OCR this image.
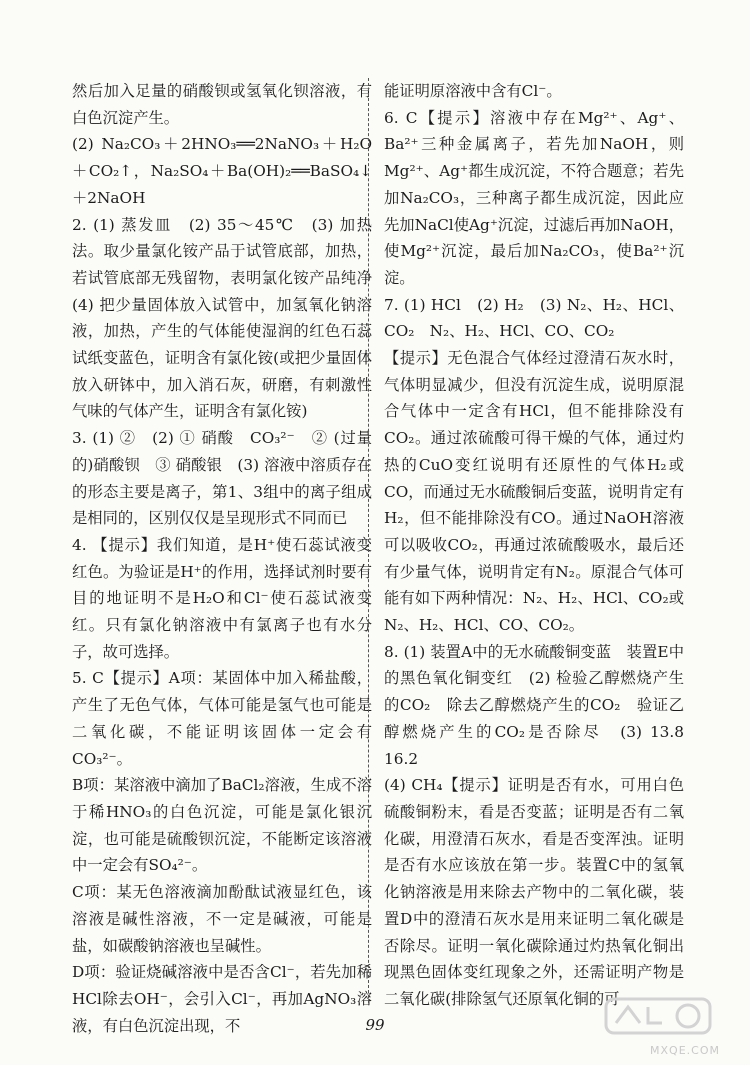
然后加入足量的硝酸钡或氢氧化钡溶液，有白色沉淀产生。

(2) Na₂CO₃＋2HNO₃══2NaNO₃＋H₂O＋CO₂↑，Na₂SO₄＋Ba(OH)₂══BaSO₄↓＋2NaOH

2. (1) 蒸发皿　(2) 35～45℃　(3) 加热法。取少量氯化铵产品于试管底部，加热，若试管底部无残留物，表明氯化铵产品纯净　(4) 把少量固体放入试管中，加氢氧化钠溶液，加热，产生的气体能使湿润的红色石蕊试纸变蓝色，证明含有氯化铵(或把少量固体放入研钵中，加入消石灰，研磨，有刺激性气味的气体产生，证明含有氯化铵)

3. (1) ②　(2) ① 硝酸　CO₃²⁻　② (过量的)硝酸钡　③ 硝酸银　(3) 溶液中溶质存在的形态主要是离子，第1、3组中的离子组成是相同的，区别仅仅是呈现形式不同而已

4. 【提示】我们知道，是H⁺使石蕊试液变红色。为验证是H⁺的作用，选择试剂时要有目的地证明不是H₂O和Cl⁻使石蕊试液变红。只有氯化钠溶液中有氯离子也有水分子，故可选择。

5. C【提示】A项：某固体中加入稀盐酸，产生了无色气体，气体可能是氢气也可能是二氧化碳，不能证明该固体一定会有CO₃²⁻。

B项：某溶液中滴加了BaCl₂溶液，生成不溶于稀HNO₃的白色沉淀，可能是氯化银沉淀，也可能是硫酸钡沉淀，不能断定该溶液中一定会有SO₄²⁻。

C项：某无色溶液滴加酚酞试液显红色，该溶液是碱性溶液，不一定是碱液，可能是盐，如碳酸钠溶液也呈碱性。

D项：验证烧碱溶液中是否含Cl⁻，若先加稀HCl除去OH⁻，会引入Cl⁻，再加AgNO₃溶液，有白色沉淀出现，不

能证明原溶液中含有Cl⁻。

6. C【提示】溶液中存在Mg²⁺、Ag⁺、Ba²⁺三种金属离子，若先加NaOH，则Mg²⁺、Ag⁺都生成沉淀，不符合题意；若先加Na₂CO₃，三种离子都生成沉淀，因此应先加NaCl使Ag⁺沉淀，过滤后再加NaOH，使Mg²⁺沉淀，最后加Na₂CO₃，使Ba²⁺沉淀。

7. (1) HCl　(2) H₂　(3) N₂、H₂、HCl、CO₂　N₂、H₂、HCl、CO、CO₂

【提示】无色混合气体经过澄清石灰水时，气体明显减少，但没有沉淀生成，说明原混合气体中一定含有HCl，但不能排除没有CO₂。通过浓硫酸可得干燥的气体，通过灼热的CuO变红说明有还原性的气体H₂或CO，而通过无水硫酸铜后变蓝，说明肯定有H₂，但不能排除没有CO。通过NaOH溶液可以吸收CO₂，再通过浓硫酸吸水，最后还有少量气体，说明肯定有N₂。原混合气体可能有如下两种情况：N₂、H₂、HCl、CO₂或N₂、H₂、HCl、CO、CO₂。

8. (1) 装置A中的无水硫酸铜变蓝　装置E中的黑色氧化铜变红　(2) 检验乙醇燃烧产生的CO₂　除去乙醇燃烧产生的CO₂　验证乙醇燃烧产生的CO₂是否除尽　(3) 13.8　16.2

(4) CH₄【提示】证明是否有水，可用白色硫酸铜粉末，看是否变蓝；证明是否有二氧化碳，用澄清石灰水，看是否变浑浊。证明是否有水应该放在第一步。装置C中的氢氧化钠溶液是用来除去产物中的二氧化碳，装置D中的澄清石灰水是用来证明二氧化碳是否除尽。证明一氧化碳除通过灼热氧化铜出现黑色固体变红现象之外，还需证明产物是二氧化碳(排除氢气还原氧化铜的可

99
MXQE.COM
